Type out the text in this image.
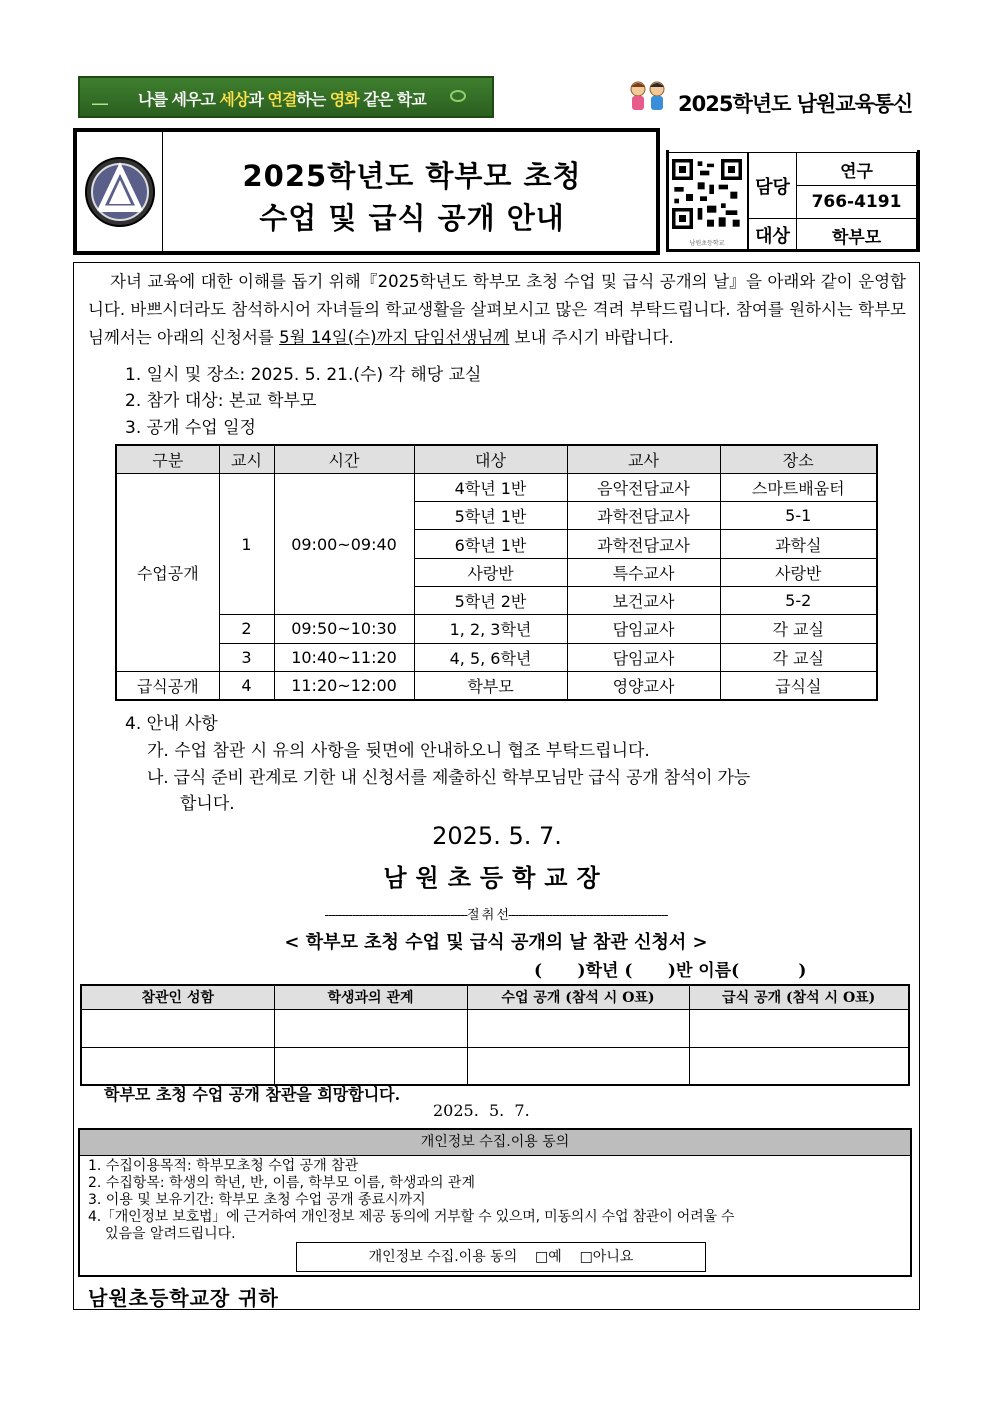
__ 나를 세우고 세상과 연결하는 영화 같은 학교	2025학년도 남원교육통신
2025학년도 학부모 초청
수업 및 급식 공개 안내
남원초등학교
담당	연구
	766-4191
대상	학부모
자녀 교육에 대한 이해를 돕기 위해『2025학년도 학부모 초청 수업 및 급식 공개의 날』을 아래와 같이 운영합니다. 바쁘시더라도 참석하시어 자녀들의 학교생활을 살펴보시고 많은 격려 부탁드립니다. 참여를 원하시는 학부모님께서는 아래의 신청서를 5월 14일(수)까지 담임선생님께 보내 주시기 바랍니다.
1. 일시 및 장소: 2025. 5. 21.(수) 각 해당 교실
2. 참가 대상: 본교 학부모
3. 공개 수업 일정
구분	교시	시간	대상	교사	장소
수업공개	1	09:00~09:40	4학년 1반	음악전담교사	스마트배움터
			5학년 1반	과학전담교사	5-1
			6학년 1반	과학전담교사	과학실
			사랑반	특수교사	사랑반
			5학년 2반	보건교사	5-2
	2	09:50~10:30	1, 2, 3학년	담임교사	각 교실
	3	10:40~11:20	4, 5, 6학년	담임교사	각 교실
급식공개	4	11:20~12:00	학부모	영양교사	급식실
4. 안내 사항
가. 수업 참관 시 유의 사항을 뒷면에 안내하오니 협조 부탁드립니다.
나. 급식 준비 관계로 기한 내 신청서를 제출하신 학부모님만 급식 공개 참석이 가능
합니다.
2025. 5. 7.
남원초등학교장
------------------------------------------절 취 선-----------------------------------------------
< 학부모 초청 수업 및 급식 공개의 날 참관 신청서 >
(      )학년 (      )반 이름(          )
참관인 성함	학생과의 관계	수업 공개 (참석 시 O표)	급식 공개 (참석 시 O표)

학부모 초청 수업 공개 참관을 희망합니다.
2025.  5.  7.
개인정보 수집.이용 동의
1. 수집이용목적: 학부모초청 수업 공개 참관
2. 수집항목: 학생의 학년, 반, 이름, 학부모 이름, 학생과의 관계
3. 이용 및 보유기간: 학부모 초청 수업 공개 종료시까지
4.「개인정보 보호법」에 근거하여 개인정보 제공 동의에 거부할 수 있으며, 미동의시 수업 참관이 어려울 수
있음을 알려드립니다.
개인정보 수집.이용 동의    □예    □아니요
남원초등학교장 귀하
